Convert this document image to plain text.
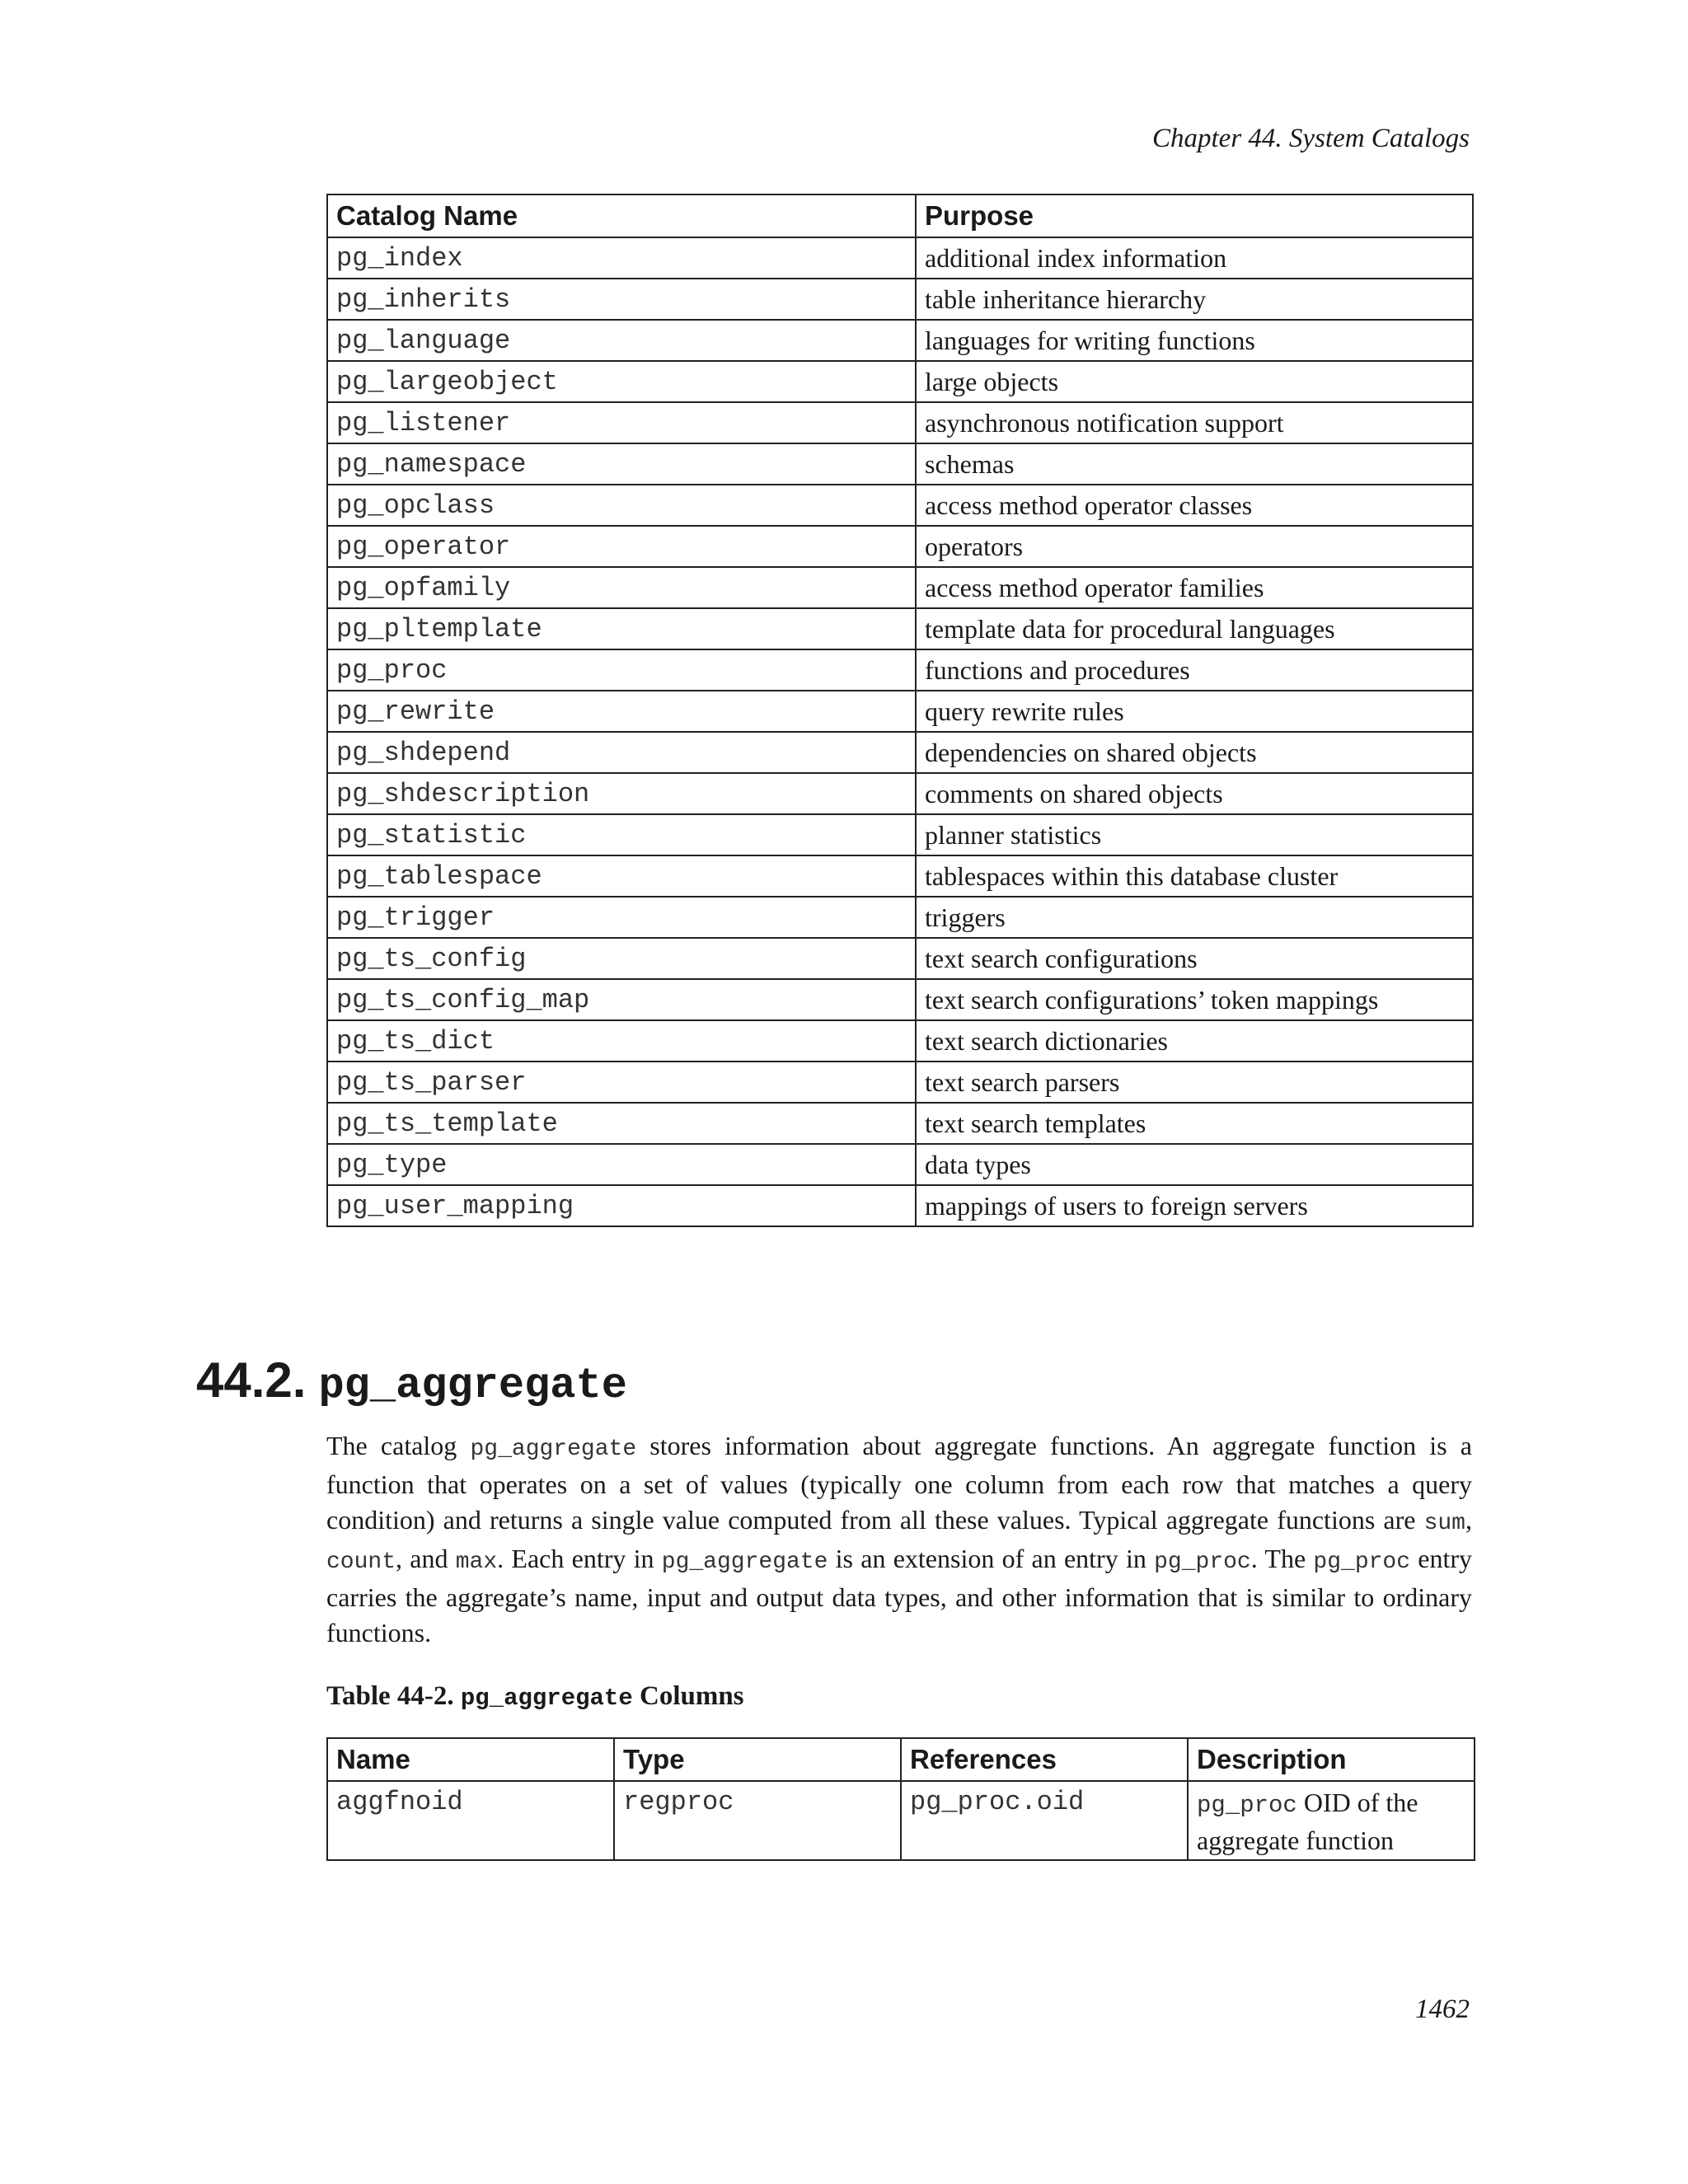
Chapter 44. System Catalogs
Catalog Name	Purpose
pg_index	additional index information
pg_inherits	table inheritance hierarchy
pg_language	languages for writing functions
pg_largeobject	large objects
pg_listener	asynchronous notification support
pg_namespace	schemas
pg_opclass	access method operator classes
pg_operator	operators
pg_opfamily	access method operator families
pg_pltemplate	template data for procedural languages
pg_proc	functions and procedures
pg_rewrite	query rewrite rules
pg_shdepend	dependencies on shared objects
pg_shdescription	comments on shared objects
pg_statistic	planner statistics
pg_tablespace	tablespaces within this database cluster
pg_trigger	triggers
pg_ts_config	text search configurations
pg_ts_config_map	text search configurations’ token mappings
pg_ts_dict	text search dictionaries
pg_ts_parser	text search parsers
pg_ts_template	text search templates
pg_type	data types
pg_user_mapping	mappings of users to foreign servers
44.2. pg_aggregate

The catalog pg_aggregate stores information about aggregate functions. An aggregate function is a function that operates on a set of values (typically one column from each row that matches a query condition) and returns a single value computed from all these values. Typical aggregate functions are sum, count, and max. Each entry in pg_aggregate is an extension of an entry in pg_proc. The pg_proc entry carries the aggregate’s name, input and output data types, and other information that is similar to ordinary functions.

Table 44-2. pg_aggregate Columns

Name	Type	References	Description
aggfnoid	regproc	pg_proc.oid	pg_proc OID of the aggregate function
1462
